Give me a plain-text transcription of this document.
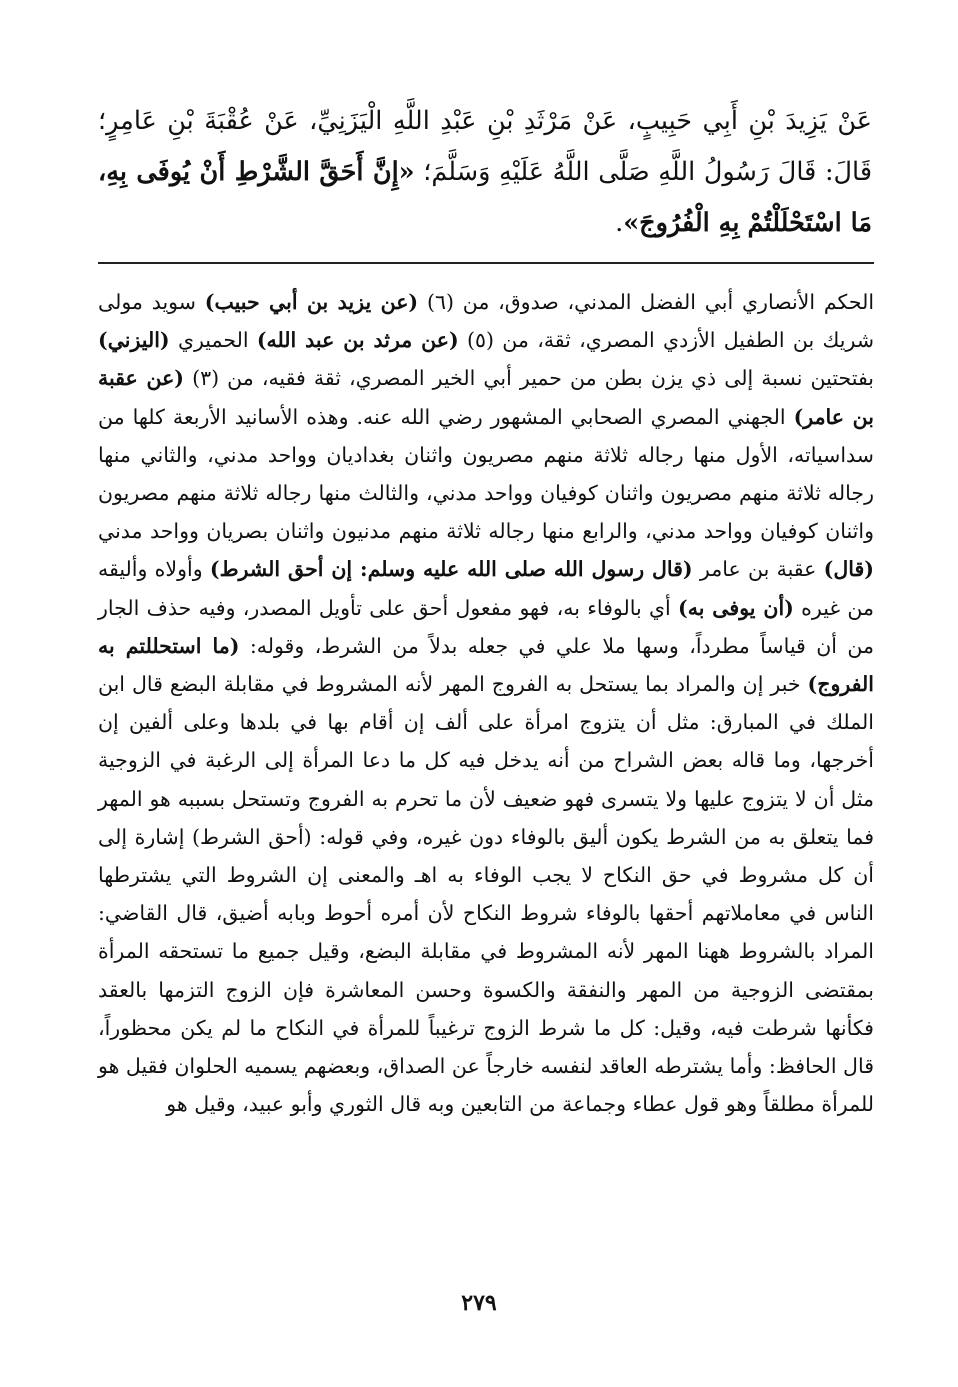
عَنْ يَزِيدَ بْنِ أَبِي حَبِيبٍ، عَنْ مَرْثَدِ بْنِ عَبْدِ اللَّهِ الْيَزَنِيِّ، عَنْ عُقْبَةَ بْنِ عَامِرٍ؛ قَالَ: قَالَ رَسُولُ اللَّهِ صَلَّى اللَّهُ عَلَيْهِ وَسَلَّمَ؛ «إِنَّ أَحَقَّ الشَّرْطِ أَنْ يُوفَى بِهِ، مَا اسْتَحْلَلْتُمْ بِهِ الْفُرُوجَ».
الحكم الأنصاري أبي الفضل المدني، صدوق، من (٦) (عن يزيد بن أبي حبيب) سويد مولى شريك بن الطفيل الأزدي المصري، ثقة، من (٥) (عن مرثد بن عبد الله) الحميري (اليزني) بفتحتين نسبة إلى ذي يزن بطن من حمير أبي الخير المصري، ثقة فقيه، من (٣) (عن عقبة بن عامر) الجهني المصري الصحابي المشهور رضي الله عنه. وهذه الأسانيد الأربعة كلها من سداسياته، الأول منها رجاله ثلاثة منهم مصريون واثنان بغداديان وواحد مدني، والثاني منها رجاله ثلاثة منهم مصريون واثنان كوفيان وواحد مدني، والثالث منها رجاله ثلاثة منهم مصريون واثنان كوفيان وواحد مدني، والرابع منها رجاله ثلاثة منهم مدنيون واثنان بصريان وواحد مدني (قال) عقبة بن عامر (قال رسول الله صلى الله عليه وسلم: إن أحق الشرط) وأولاه وأليقه من غيره (أن يوفى به) أي بالوفاء به، فهو مفعول أحق على تأويل المصدر، وفيه حذف الجار من أن قياساً مطرداً، وسها ملا علي في جعله بدلاً من الشرط، وقوله: (ما استحللتم به الفروج) خبر إن والمراد بما يستحل به الفروج المهر لأنه المشروط في مقابلة البضع قال ابن الملك في المبارق: مثل أن يتزوج امرأة على ألف إن أقام بها في بلدها وعلى ألفين إن أخرجها، وما قاله بعض الشراح من أنه يدخل فيه كل ما دعا المرأة إلى الرغبة في الزوجية مثل أن لا يتزوج عليها ولا يتسرى فهو ضعيف لأن ما تحرم به الفروج وتستحل بسببه هو المهر فما يتعلق به من الشرط يكون أليق بالوفاء دون غيره، وفي قوله: (أحق الشرط) إشارة إلى أن كل مشروط في حق النكاح لا يجب الوفاء به اهـ والمعنى إن الشروط التي يشترطها الناس في معاملاتهم أحقها بالوفاء شروط النكاح لأن أمره أحوط وبابه أضيق، قال القاضي: المراد بالشروط ههنا المهر لأنه المشروط في مقابلة البضع، وقيل جميع ما تستحقه المرأة بمقتضى الزوجية من المهر والنفقة والكسوة وحسن المعاشرة فإن الزوج التزمها بالعقد فكأنها شرطت فيه، وقيل: كل ما شرط الزوج ترغيباً للمرأة في النكاح ما لم يكن محظوراً، قال الحافظ: وأما يشترطه العاقد لنفسه خارجاً عن الصداق، وبعضهم يسميه الحلوان فقيل هو للمرأة مطلقاً وهو قول عطاء وجماعة من التابعين وبه قال الثوري وأبو عبيد، وقيل هو
٢٧٩
